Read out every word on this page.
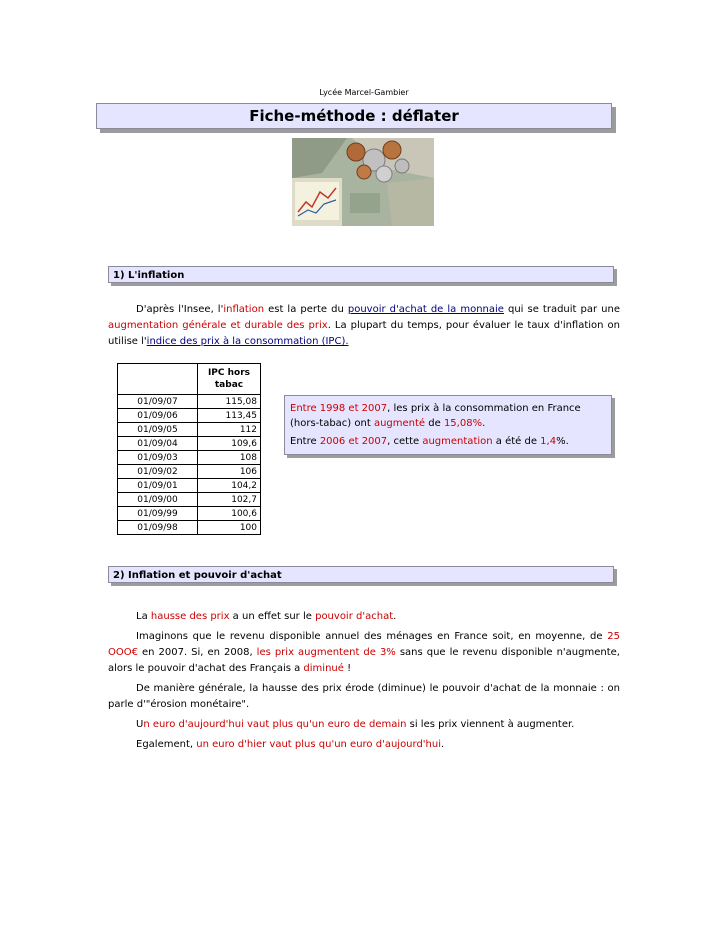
Lycée Marcel-Gambier
Fiche-méthode : déflater
1) L'inflation
D'après l'Insee, l'inflation est la perte du pouvoir d'achat de la monnaie qui se traduit par une augmentation générale et durable des prix. La plupart du temps, pour évaluer le taux d'inflation on utilise l'indice des prix à la consommation (IPC).
	IPC hors tabac
01/09/07	115,08
01/09/06	113,45
01/09/05	112
01/09/04	109,6
01/09/03	108
01/09/02	106
01/09/01	104,2
01/09/00	102,7
01/09/99	100,6
01/09/98	100

Entre 1998 et 2007, les prix à la consommation en France (hors-tabac) ont augmenté de 15,08%.

Entre 2006 et 2007, cette augmentation a été de 1,4%.

2) Inflation et pouvoir d'achat
La hausse des prix a un effet sur le pouvoir d'achat.
Imaginons que le revenu disponible annuel des ménages en France soit, en moyenne, de 25 OOO€ en 2007. Si, en 2008, les prix augmentent de 3% sans que le revenu disponible n'augmente, alors le pouvoir d'achat des Français a diminué !
De manière générale, la hausse des prix érode (diminue) le pouvoir d'achat de la monnaie : on parle d'"érosion monétaire".
Un euro d'aujourd'hui vaut plus qu'un euro de demain si les prix viennent à augmenter.
Egalement, un euro d'hier vaut plus qu'un euro d'aujourd'hui.
